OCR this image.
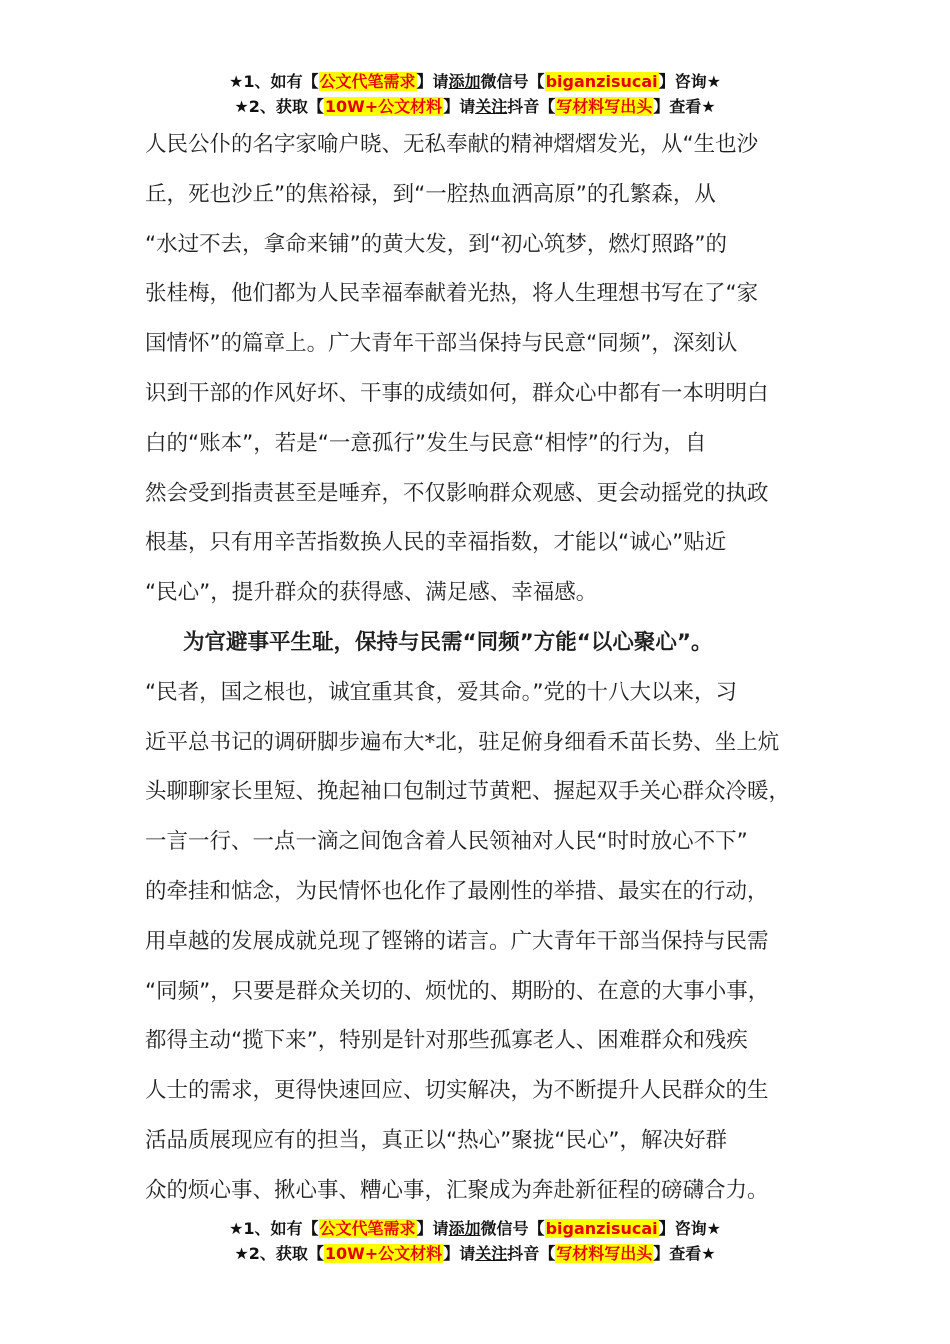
★1、如有【公文代笔需求】请添加微信号【biganzisucai】咨询★
★2、获取【10W+公文材料】请关注抖音【写材料写出头】查看★
人民公仆的名字家喻户晓、无私奉献的精神熠熠发光，从“生也沙
丘，死也沙丘”的焦裕禄，到“一腔热血洒高原”的孔繁森，从
“水过不去，拿命来铺”的黄大发，到“初心筑梦，燃灯照路”的
张桂梅，他们都为人民幸福奉献着光热，将人生理想书写在了“家
国情怀”的篇章上。广大青年干部当保持与民意“同频”，深刻认
识到干部的作风好坏、干事的成绩如何，群众心中都有一本明明白
白的“账本”，若是“一意孤行”发生与民意“相悖”的行为，自
然会受到指责甚至是唾弃，不仅影响群众观感、更会动摇党的执政
根基，只有用辛苦指数换人民的幸福指数，才能以“诚心”贴近
“民心”，提升群众的获得感、满足感、幸福感。
为官避事平生耻，保持与民需“同频”方能“以心聚心”。
“民者，国之根也，诚宜重其食，爱其命。”党的十八大以来，习
近平总书记的调研脚步遍布大*北，驻足俯身细看禾苗长势、坐上炕
头聊聊家长里短、挽起袖口包制过节黄粑、握起双手关心群众冷暖，
一言一行、一点一滴之间饱含着人民领袖对人民“时时放心不下”
的牵挂和惦念，为民情怀也化作了最刚性的举措、最实在的行动，
用卓越的发展成就兑现了铿锵的诺言。广大青年干部当保持与民需
“同频”，只要是群众关切的、烦忧的、期盼的、在意的大事小事，
都得主动“揽下来”，特别是针对那些孤寡老人、困难群众和残疾
人士的需求，更得快速回应、切实解决，为不断提升人民群众的生
活品质展现应有的担当，真正以“热心”聚拢“民心”，解决好群
众的烦心事、揪心事、糟心事，汇聚成为奔赴新征程的磅礴合力。
★1、如有【公文代笔需求】请添加微信号【biganzisucai】咨询★
★2、获取【10W+公文材料】请关注抖音【写材料写出头】查看★
